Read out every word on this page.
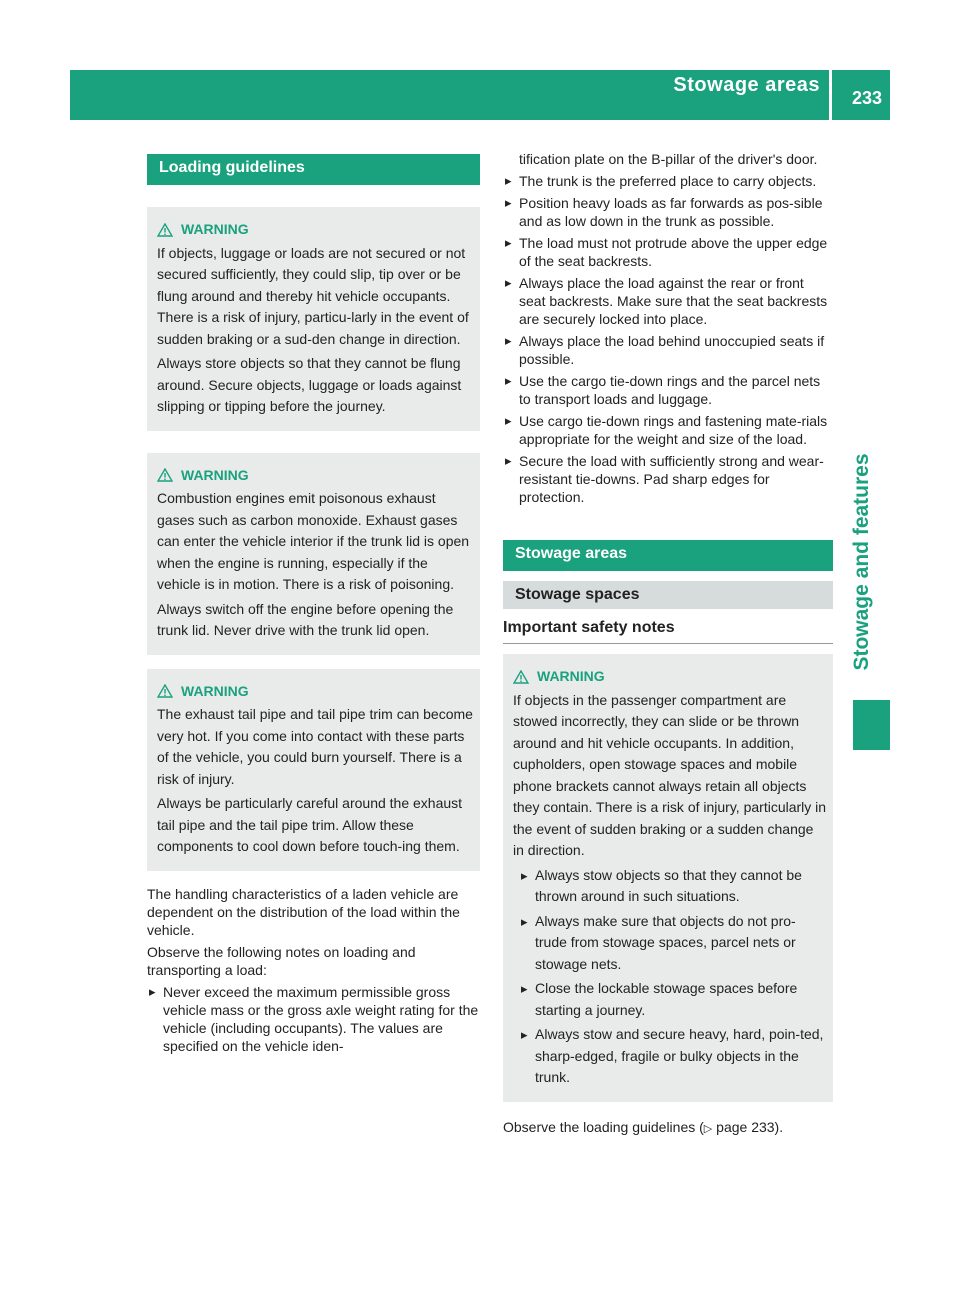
Stowage areas
233
Stowage and features
Loading guidelines
WARNING

If objects, luggage or loads are not secured or not secured sufficiently, they could slip, tip over or be flung around and thereby hit vehicle occupants. There is a risk of injury, particu-larly in the event of sudden braking or a sud-den change in direction.

Always store objects so that they cannot be flung around. Secure objects, luggage or loads against slipping or tipping before the journey.

WARNING

Combustion engines emit poisonous exhaust gases such as carbon monoxide. Exhaust gases can enter the vehicle interior if the trunk lid is open when the engine is running, especially if the vehicle is in motion. There is a risk of poisoning.

Always switch off the engine before opening the trunk lid. Never drive with the trunk lid open.

WARNING

The exhaust tail pipe and tail pipe trim can become very hot. If you come into contact with these parts of the vehicle, you could burn yourself. There is a risk of injury.

Always be particularly careful around the exhaust tail pipe and the tail pipe trim. Allow these components to cool down before touch-ing them.

The handling characteristics of a laden vehicle are dependent on the distribution of the load within the vehicle.

Observe the following notes on loading and transporting a load:

▸ Never exceed the maximum permissible gross vehicle mass or the gross axle weight rating for the vehicle (including occupants). The values are specified on the vehicle iden-
tification plate on the B-pillar of the driver's door.
▸ The trunk is the preferred place to carry objects.
▸ Position heavy loads as far forwards as pos-sible and as low down in the trunk as possible.
▸ The load must not protrude above the upper edge of the seat backrests.
▸ Always place the load against the rear or front seat backrests. Make sure that the seat backrests are securely locked into place.
▸ Always place the load behind unoccupied seats if possible.
▸ Use the cargo tie-down rings and the parcel nets to transport loads and luggage.
▸ Use cargo tie-down rings and fastening mate-rials appropriate for the weight and size of the load.
▸ Secure the load with sufficiently strong and wear-resistant tie-downs. Pad sharp edges for protection.
Stowage areas
Stowage spaces
Important safety notes
WARNING

If objects in the passenger compartment are stowed incorrectly, they can slide or be thrown around and hit vehicle occupants. In addition, cupholders, open stowage spaces and mobile phone brackets cannot always retain all objects they contain. There is a risk of injury, particularly in the event of sudden braking or a sudden change in direction.

▸ Always stow objects so that they cannot be thrown around in such situations.
▸ Always make sure that objects do not pro-trude from stowage spaces, parcel nets or stowage nets.
▸ Close the lockable stowage spaces before starting a journey.
▸ Always stow and secure heavy, hard, poin-ted, sharp-edged, fragile or bulky objects in the trunk.

Observe the loading guidelines (▷ page 233).
